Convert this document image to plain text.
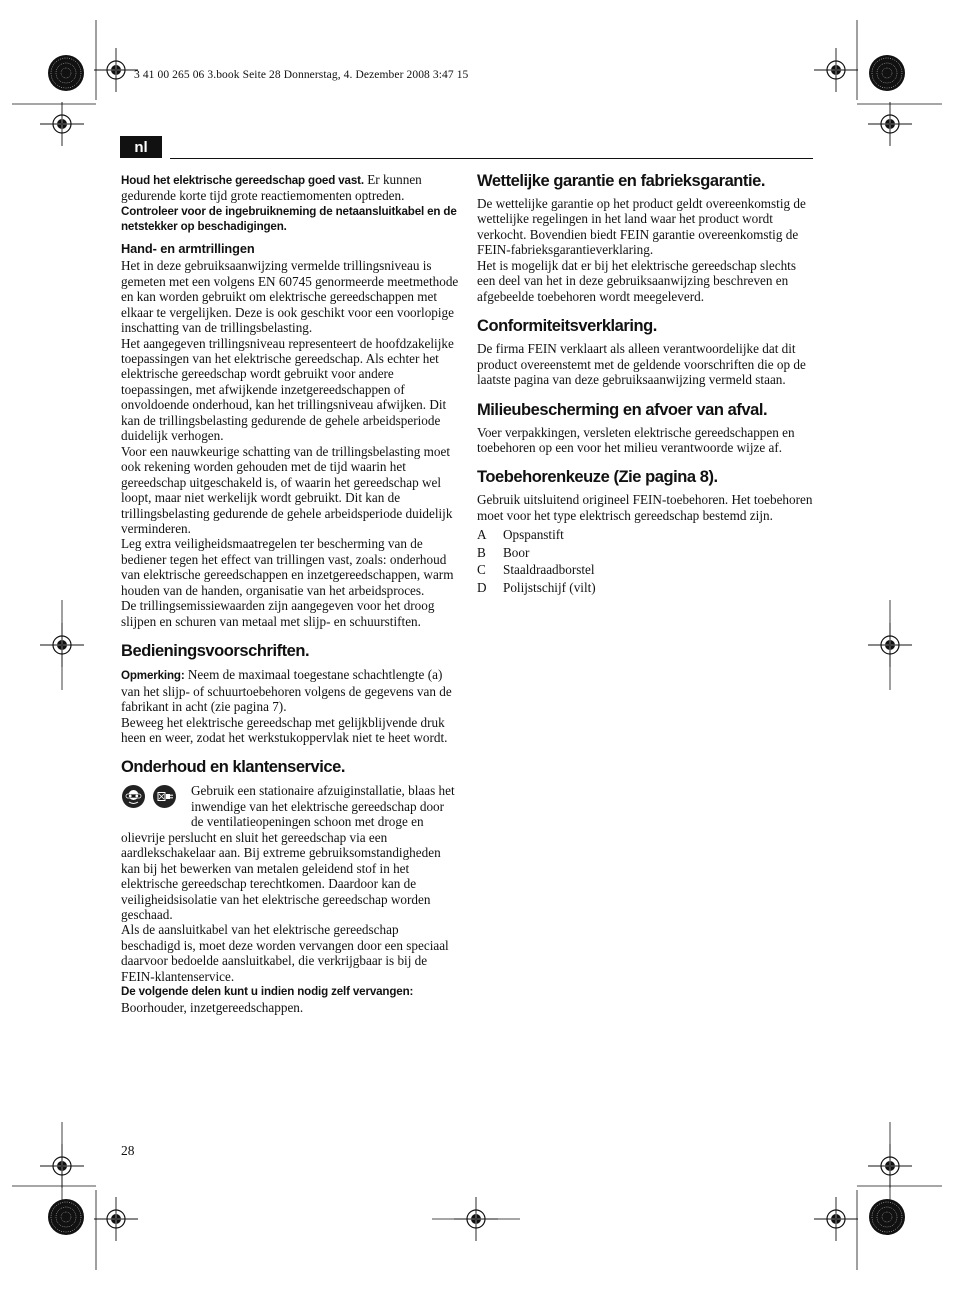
3 41 00 265 06 3.book Seite 28 Donnerstag, 4. Dezember 2008 3:47 15
nl

Houd het elektrische gereedschap goed vast. Er kunnen gedurende korte tijd grote reactiemomenten optreden.

Controleer voor de ingebruikneming de netaansluitkabel en de netstekker op beschadigingen.

Hand- en armtrillingen

Het in deze gebruiksaanwijzing vermelde trillingsniveau is gemeten met een volgens EN 60745 genormeerde meetmethode en kan worden gebruikt om elektrische gereedschappen met elkaar te vergelijken. Deze is ook geschikt voor een voorlopige inschatting van de trillingsbelasting.

Het aangegeven trillingsniveau representeert de hoofdzakelijke toepassingen van het elektrische gereedschap. Als echter het elektrische gereedschap wordt gebruikt voor andere toepassingen, met afwijkende inzetgereedschappen of onvoldoende onderhoud, kan het trillingsniveau afwijken. Dit kan de trillingsbelasting gedurende de gehele arbeidsperiode duidelijk verhogen.

Voor een nauwkeurige schatting van de trillingsbelasting moet ook rekening worden gehouden met de tijd waarin het gereedschap uitgeschakeld is, of waarin het gereedschap wel loopt, maar niet werkelijk wordt gebruikt. Dit kan de trillingsbelasting gedurende de gehele arbeidsperiode duidelijk verminderen.

Leg extra veiligheidsmaatregelen ter bescherming van de bediener tegen het effect van trillingen vast, zoals: onderhoud van elektrische gereedschappen en inzetgereedschappen, warm houden van de handen, organisatie van het arbeidsproces.

De trillingsemissiewaarden zijn aangegeven voor het droog slijpen en schuren van metaal met slijp- en schuurstiften.

Bedieningsvoorschriften.

Opmerking: Neem de maximaal toegestane schachtlengte (a) van het slijp- of schuurtoebehoren volgens de gegevens van de fabrikant in acht (zie pagina 7).

Beweeg het elektrische gereedschap met gelijkblijvende druk heen en weer, zodat het werkstukoppervlak niet te heet wordt.

Onderhoud en klantenservice.

Gebruik een stationaire afzuiginstallatie, blaas het inwendige van het elektrische gereedschap door de ventilatieopeningen schoon met droge en olievrije perslucht en sluit het gereedschap via een aardlekschakelaar aan. Bij extreme gebruiksomstandigheden kan bij het bewerken van metalen geleidend stof in het elektrische gereedschap terechtkomen. Daardoor kan de veiligheidsisolatie van het elektrische gereedschap worden geschaad.

Als de aansluitkabel van het elektrische gereedschap beschadigd is, moet deze worden vervangen door een speciaal daarvoor bedoelde aansluitkabel, die verkrijgbaar is bij de FEIN-klantenservice.

De volgende delen kunt u indien nodig zelf vervangen:

Boorhouder, inzetgereedschappen.

Wettelijke garantie en fabrieksgarantie.

De wettelijke garantie op het product geldt overeenkomstig de wettelijke regelingen in het land waar het product wordt verkocht. Bovendien biedt FEIN garantie overeenkomstig de FEIN-fabrieksgarantieverklaring.

Het is mogelijk dat er bij het elektrische gereedschap slechts een deel van het in deze gebruiksaanwijzing beschreven en afgebeelde toebehoren wordt meegeleverd.

Conformiteitsverklaring.

De firma FEIN verklaart als alleen verantwoordelijke dat dit product overeenstemt met de geldende voorschriften die op de laatste pagina van deze gebruiksaanwijzing vermeld staan.

Milieubescherming en afvoer van afval.

Voer verpakkingen, versleten elektrische gereedschappen en toebehoren op een voor het milieu verantwoorde wijze af.

Toebehorenkeuze (Zie pagina 8).

Gebruik uitsluitend origineel FEIN-toebehoren. Het toebehoren moet voor het type elektrisch gereedschap bestemd zijn.

A	Opspanstift
B	Boor
C	Staaldraadborstel
D	Polijstschijf (vilt)
28
